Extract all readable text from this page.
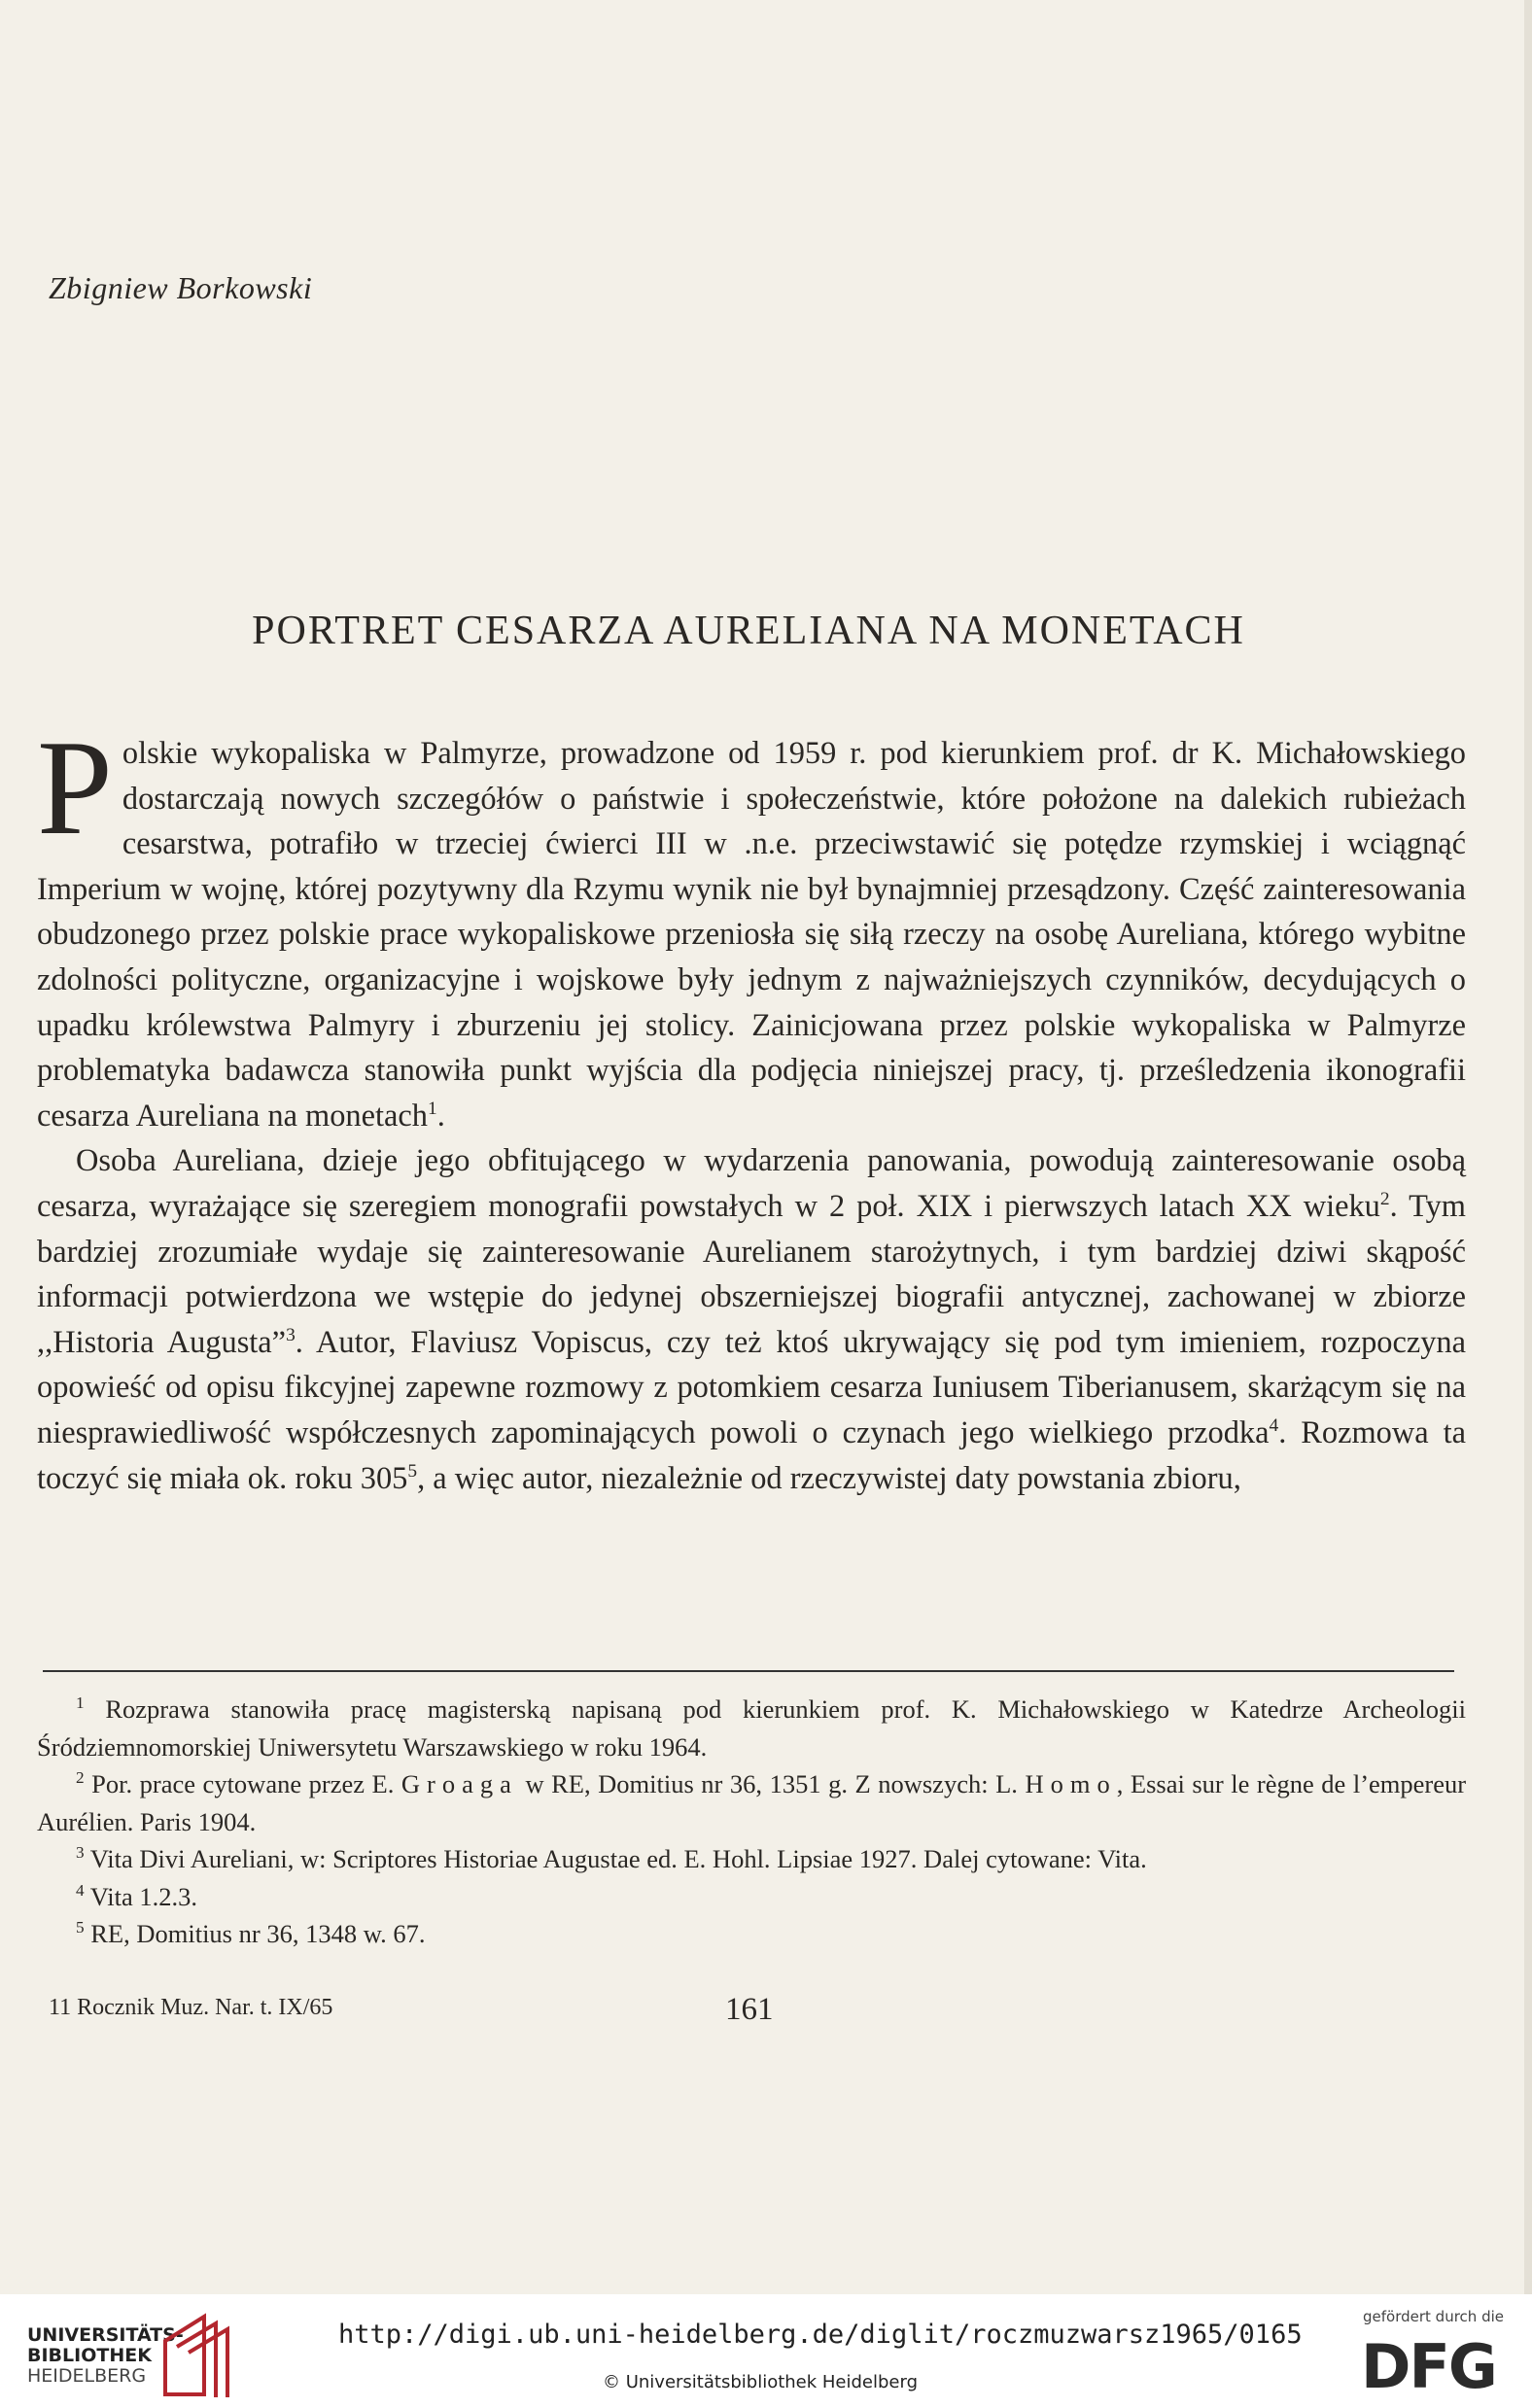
Zbigniew Borkowski
PORTRET CESARZA AURELIANA NA MONETACH

Polskie wykopaliska w Palmyrze, prowadzone od 1959 r. pod kierunkiem prof. dr K. Michałowskiego dostarczają nowych szczegółów o państwie i społeczeństwie, które położone na dalekich rubieżach cesarstwa, potrafiło w trzeciej ćwierci III w .n.e. przeciwstawić się potędze rzymskiej i wciągnąć Imperium w wojnę, której pozytywny dla Rzymu wynik nie był bynajmniej przesądzony. Część zainteresowania obudzonego przez polskie prace wykopaliskowe przeniosła się siłą rzeczy na osobę Aureliana, którego wybitne zdolności polityczne, organizacyjne i wojskowe były jednym z najważniejszych czynników, decydujących o upadku królewstwa Palmyry i zburzeniu jej stolicy. Zainicjowana przez polskie wykopaliska w Palmyrze problematyka badawcza stanowiła punkt wyjścia dla podjęcia niniejszej pracy, tj. prześledzenia ikonografii cesarza Aureliana na monetach$^1$.

Osoba Aureliana, dzieje jego obfitującego w wydarzenia panowania, powodują zainteresowanie osobą cesarza, wyrażające się szeregiem monografii powstałych w 2 poł. XIX i pierwszych latach XX wieku$^2$. Tym bardziej zrozumiałe wydaje się zainteresowanie Aurelianem starożytnych, i tym bardziej dziwi skąpość informacji potwierdzona we wstępie do jedynej obszerniejszej biografii antycznej, zachowanej w zbiorze ,,Historia Augusta”$^3$. Autor, Flaviusz Vopiscus, czy też ktoś ukrywający się pod tym imieniem, rozpoczyna opowieść od opisu fikcyjnej zapewne rozmowy z potomkiem cesarza Iuniusem Tiberianusem, skarżącym się na niesprawiedliwość współczesnych zapominających powoli o czynach jego wielkiego przodka$^4$. Rozmowa ta toczyć się miała ok. roku $305^5$, a więc autor, niezależnie od rzeczywistej daty powstania zbioru,

$^1$ Rozprawa stanowiła pracę magisterską napisaną pod kierunkiem prof. K. Michałowskiego w Katedrze Archeologii Śródziemnomorskiej Uniwersytetu Warszawskiego w roku 1964.

$^2$ Por. prace cytowane przez E. Groaga w RE, Domitius nr 36, 1351 g. Z nowszych: L. Homo, Essai sur le règne de l’empereur Aurélien. Paris 1904.

$^3$ Vita Divi Aureliani, w: Scriptores Historiae Augustae ed. E. Hohl. Lipsiae 1927. Dalej cytowane: Vita.

$^4$ Vita 1.2.3.

$^5$ RE, Domitius nr 36, 1348 w. 67.

11 Rocznik Muz. Nar. t. IX/65	161
UNIVERSITÄTS-
BIBLIOTHEK
HEIDELBERG
http://digi.ub.uni-heidelberg.de/diglit/roczmuzwarsz1965/0165
© Universitätsbibliothek Heidelberg
gefördert durch die
DFG
